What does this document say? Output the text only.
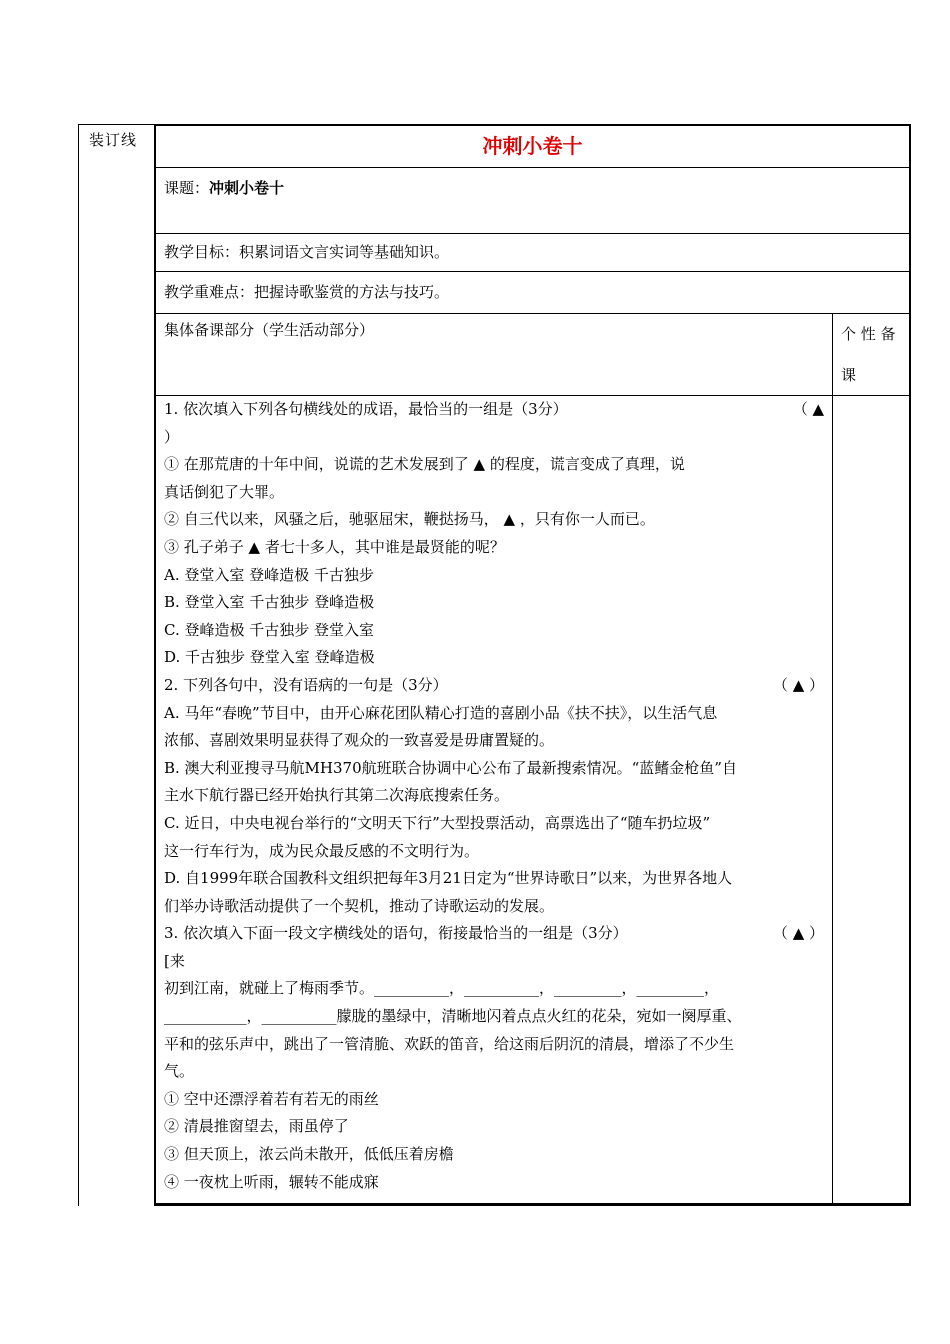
装订线	冲刺小卷十
课题：冲刺小卷十
教学目标：积累词语文言实词等基础知识。
教学重难点：把握诗歌鉴赏的方法与技巧。
集体备课部分（学生活动部分）	个 性 备
课
1. 依次填入下列各句横线处的成语，最恰当的一组是（3分）	（ ▲
）
① 在那荒唐的十年中间，说谎的艺术发展到了 ▲ 的程度，谎言变成了真理，说
真话倒犯了大罪。
② 自三代以来，风骚之后，驰驱屈宋，鞭挞扬马， ▲ ，只有你一人而已。
③ 孔子弟子 ▲ 者七十多人，其中谁是最贤能的呢？
A. 登堂入室 登峰造极 千古独步
B. 登堂入室 千古独步 登峰造极
C. 登峰造极 千古独步 登堂入室
D. 千古独步 登堂入室 登峰造极
2. 下列各句中，没有语病的一句是（3分）	（ ▲ ）
A. 马年“春晚”节目中，由开心麻花团队精心打造的喜剧小品《扶不扶》，以生活气息
浓郁、喜剧效果明显获得了观众的一致喜爱是毋庸置疑的。
B. 澳大利亚搜寻马航MH370航班联合协调中心公布了最新搜索情况。“蓝鳍金枪鱼”自
主水下航行器已经开始执行其第二次海底搜索任务。
C. 近日，中央电视台举行的“文明天下行”大型投票活动，高票选出了“随车扔垃圾”
这一行车行为，成为民众最反感的不文明行为。
D. 自1999年联合国教科文组织把每年3月21日定为“世界诗歌日”以来，为世界各地人
们举办诗歌活动提供了一个契机，推动了诗歌运动的发展。
3. 依次填入下面一段文字横线处的语句，衔接最恰当的一组是（3分）	（ ▲ ）
[来
初到江南，就碰上了梅雨季节。__________，__________，_________，_________，
___________，__________朦胧的墨绿中，清晰地闪着点点火红的花朵，宛如一阕厚重、
平和的弦乐声中，跳出了一管清脆、欢跃的笛音，给这雨后阴沉的清晨，增添了不少生
气。
① 空中还漂浮着若有若无的雨丝
② 清晨推窗望去，雨虽停了
③ 但天顶上，浓云尚未散开，低低压着房檐
④ 一夜枕上听雨，辗转不能成寐
